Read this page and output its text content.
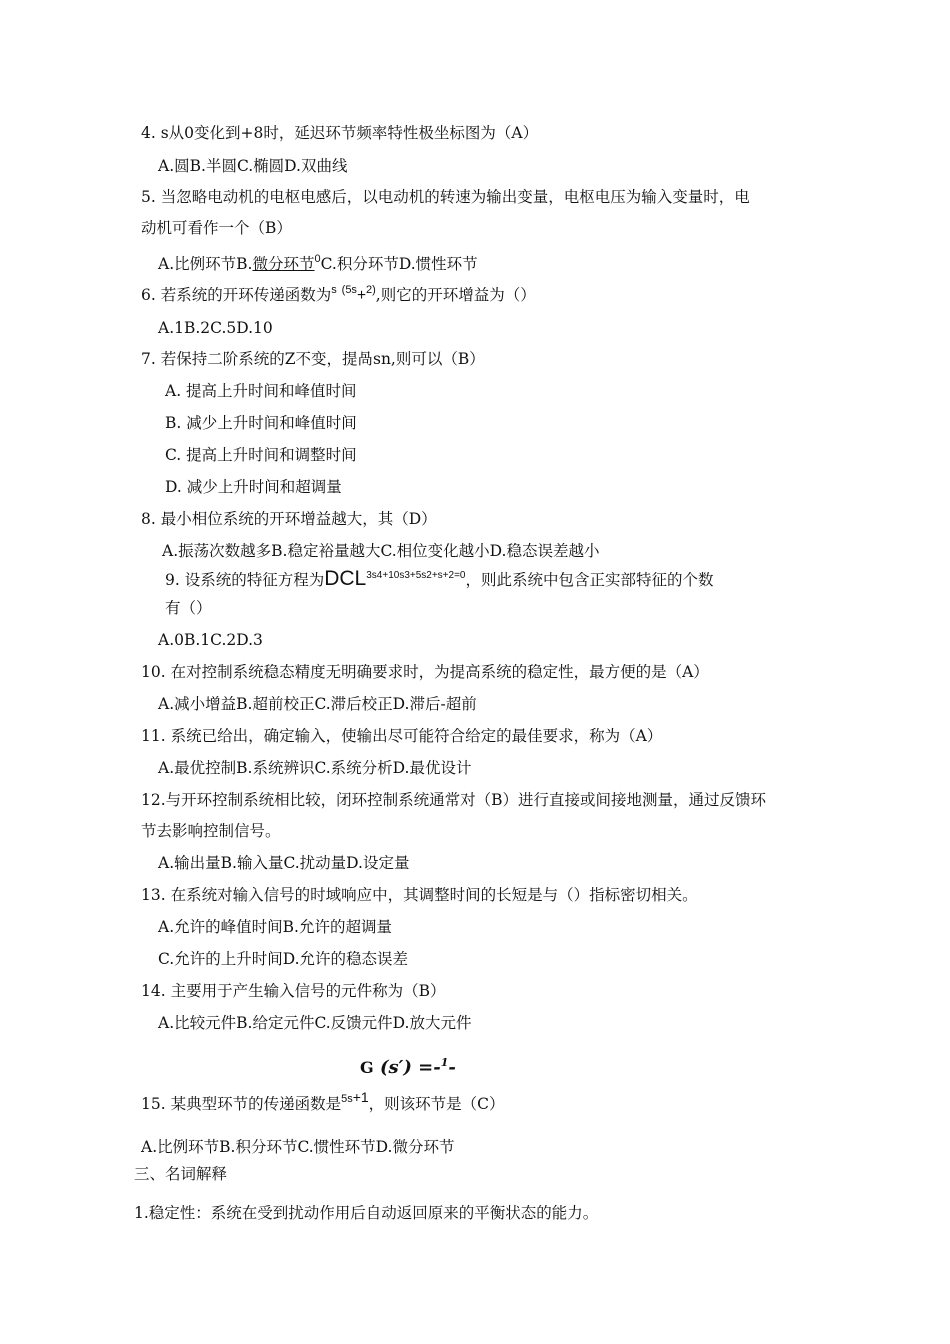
4. s从0变化到+8时，延迟环节频率特性极坐标图为（A）
A.圆B.半圆C.椭圆D.双曲线
5. 当忽略电动机的电枢电感后，以电动机的转速为输出变量，电枢电压为输入变量时，电
动机可看作一个（B）
A.比例环节B.微分环节$^0$C.积分环节D.惯性环节
6. 若系统的开环传递函数为$^s$ $^{(5s}$+$^{2)}$,则它的开环增益为（）
A.1B.2C.5D.10
7. 若保持二阶系统的Z不变，提咼sn,则可以（B）
A. 提高上升时间和峰值时间
B. 减少上升时间和峰值时间
C. 提高上升时间和调整时间
D. 减少上升时间和超调量
8. 最小相位系统的开环增益越大，其（D）
A.振荡次数越多B.稳定裕量越大C.相位变化越小D.稳态误差越小
9. 设系统的特征方程为$DCL^{3s4+10s3+5s2+s+2=0}$，则此系统中包含正实部特征的个数
有（）
A.0B.1C.2D.3
10. 在对控制系统稳态精度无明确要求时，为提高系统的稳定性，最方便的是（A）
A.减小增益B.超前校正C.滞后校正D.滞后-超前
11. 系统已给出，确定输入，使输出尽可能符合给定的最佳要求，称为（A）
A.最优控制B.系统辨识C.系统分析D.最优设计
12.与开环控制系统相比较，闭环控制系统通常对（B）进行直接或间接地测量，通过反馈环
节去影响控制信号。
A.输出量B.输入量C.扰动量D.设定量
13. 在系统对输入信号的时域响应中，其调整时间的长短是与（）指标密切相关。
A.允许的峰值时间B.允许的超调量
C.允许的上升时间D.允许的稳态误差
14. 主要用于产生输入信号的元件称为（B）
A.比较元件B.给定元件C.反馈元件D.放大元件
G (s′) =-$^1$-
15. 某典型环节的传递函数是$^{5s+1}$，则该环节是（C）
A.比例环节B.积分环节C.惯性环节D.微分环节
三、名词解释
1.稳定性：系统在受到扰动作用后自动返回原来的平衡状态的能力。
